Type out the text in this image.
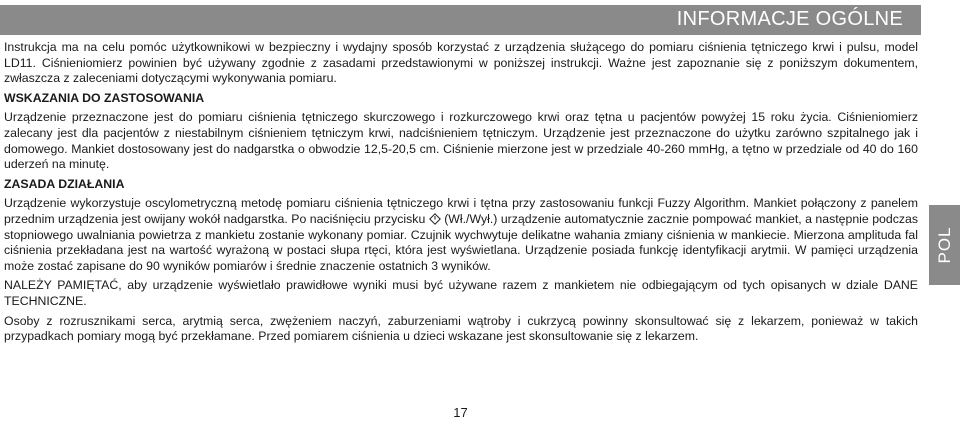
INFORMACJE OGÓLNE

Instrukcja ma na celu pomóc użytkownikowi w bezpieczny i wydajny sposób korzystać z urządzenia służącego do pomiaru ciśnienia tętniczego krwi i pulsu, model LD11. Ciśnieniomierz powinien być używany zgodnie z zasadami przedstawionymi w poniższej instrukcji. Ważne jest zapoznanie się z poniższym dokumentem, zwłaszcza z zaleceniami dotyczącymi wykonywania pomiaru.

WSKAZANIA DO ZASTOSOWANIA

Urządzenie przeznaczone jest do pomiaru ciśnienia tętniczego skurczowego i rozkurczowego krwi oraz tętna u pacjentów powyżej 15 roku życia. Ciśnieniomierz zalecany jest dla pacjentów z niestabilnym ciśnieniem tętniczym krwi, nadciśnieniem tętniczym. Urządzenie jest przeznaczone do użytku zarówno szpitalnego jak i domowego. Mankiet dostosowany jest do nadgarstka o obwodzie 12,5-20,5 cm. Ciśnienie mierzone jest w przedziale 40-260 mmHg, a tętno w przedziale od 40 do 160 uderzeń na minutę.

ZASADA DZIAŁANIA

Urządzenie wykorzystuje oscylometryczną metodę pomiaru ciśnienia tętniczego krwi i tętna przy zastosowaniu funkcji Fuzzy Algorithm. Mankiet połączony z panelem przednim urządzenia jest owijany wokół nadgarstka. Po naciśnięciu przycisku (Wł./Wył.) urządzenie automatycznie zacznie pompować mankiet, a następnie podczas stopniowego uwalniania powietrza z mankietu zostanie wykonany pomiar. Czujnik wychwytuje delikatne wahania zmiany ciśnienia w mankiecie. Mierzona amplituda fal ciśnienia przekładana jest na wartość wyrażoną w postaci słupa rtęci, która jest wyświetlana. Urządzenie posiada funkcję identyfikacji arytmii. W pamięci urządzenia może zostać zapisane do 90 wyników pomiarów i średnie znaczenie ostatnich 3 wyników.

NALEŻY PAMIĘTAĆ, aby urządzenie wyświetlało prawidłowe wyniki musi być używane razem z mankietem nie odbiegającym od tych opisanych w dziale DANE TECHNICZNE.

Osoby z rozrusznikami serca, arytmią serca, zwężeniem naczyń, zaburzeniami wątroby i cukrzycą powinny skonsultować się z lekarzem, ponieważ w takich przypadkach pomiary mogą być przekłamane. Przed pomiarem ciśnienia u dzieci wskazane jest skonsultowanie się z lekarzem.

POL
17
